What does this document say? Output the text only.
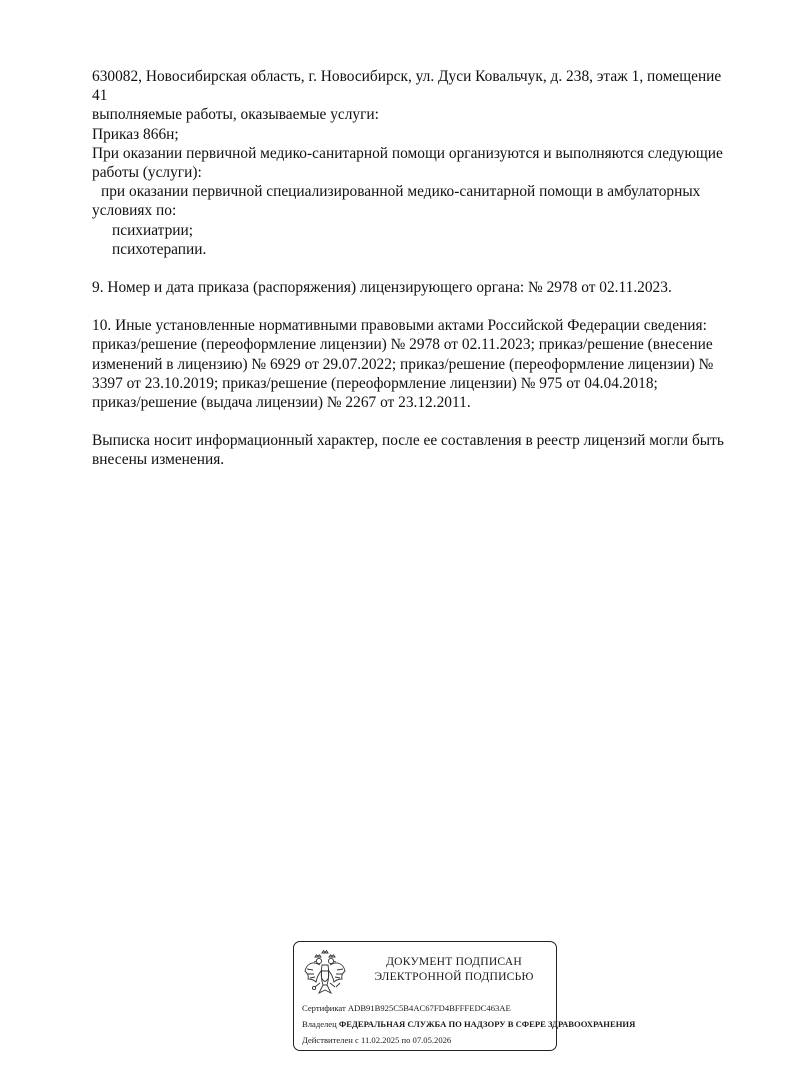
630082, Новосибирская область, г. Новосибирск, ул. Дуси Ковальчук, д. 238, этаж 1, помещение
41
выполняемые работы, оказываемые услуги:
Приказ 866н;
При оказании первичной медико-санитарной помощи организуются и выполняются следующие
работы (услуги):
при оказании первичной специализированной медико-санитарной помощи в амбулаторных
условиях по:
психиатрии;
психотерапии.
9. Номер и дата приказа (распоряжения) лицензирующего органа: № 2978 от 02.11.2023.
10. Иные установленные нормативными правовыми актами Российской Федерации сведения:
приказ/решение (переоформление лицензии) № 2978 от 02.11.2023; приказ/решение (внесение
изменений в лицензию) № 6929 от 29.07.2022; приказ/решение (переоформление лицензии) №
3397 от 23.10.2019; приказ/решение (переоформление лицензии) № 975 от 04.04.2018;
приказ/решение (выдача лицензии) № 2267 от 23.12.2011.
Выписка носит информационный характер, после ее составления в реестр лицензий могли быть
внесены изменения.
ДОКУМЕНТ ПОДПИСАН
ЭЛЕКТРОННОЙ ПОДПИСЬЮ
Сертификат ADB91B925C5B4AC67FD4BFFFEDC463AE
Владелец ФЕДЕРАЛЬНАЯ СЛУЖБА ПО НАДЗОРУ В СФЕРЕ ЗДРАВООХРАНЕНИЯ
Действителен с 11.02.2025 по 07.05.2026
